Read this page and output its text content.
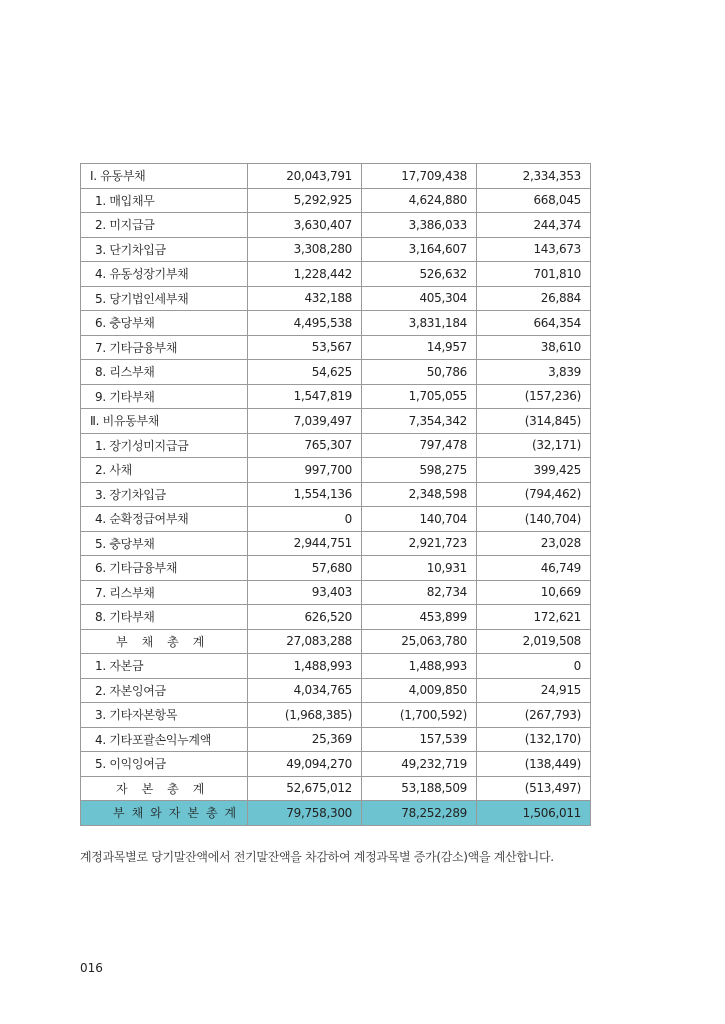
Ⅰ. 유동부채	20,043,791	17,709,438	2,334,353
1. 매입채무	5,292,925	4,624,880	668,045
2. 미지급금	3,630,407	3,386,033	244,374
3. 단기차입금	3,308,280	3,164,607	143,673
4. 유동성장기부채	1,228,442	526,632	701,810
5. 당기법인세부채	432,188	405,304	26,884
6. 충당부채	4,495,538	3,831,184	664,354
7. 기타금융부채	53,567	14,957	38,610
8. 리스부채	54,625	50,786	3,839
9. 기타부채	1,547,819	1,705,055	(157,236)
Ⅱ. 비유동부채	7,039,497	7,354,342	(314,845)
1. 장기성미지급금	765,307	797,478	(32,171)
2. 사채	997,700	598,275	399,425
3. 장기차입금	1,554,136	2,348,598	(794,462)
4. 순확정급여부채	0	140,704	(140,704)
5. 충당부채	2,944,751	2,921,723	23,028
6. 기타금융부채	57,680	10,931	46,749
7. 리스부채	93,403	82,734	10,669
8. 기타부채	626,520	453,899	172,621
부채총계	27,083,288	25,063,780	2,019,508
1. 자본금	1,488,993	1,488,993	0
2. 자본잉여금	4,034,765	4,009,850	24,915
3. 기타자본항목	(1,968,385)	(1,700,592)	(267,793)
4. 기타포괄손익누계액	25,369	157,539	(132,170)
5. 이익잉여금	49,094,270	49,232,719	(138,449)
자본총계	52,675,012	53,188,509	(513,497)
부채와자본총계	79,758,300	78,252,289	1,506,011

계정과목별로 당기말잔액에서 전기말잔액을 차감하여 계정과목별 증가(감소)액을 계산합니다.

016
